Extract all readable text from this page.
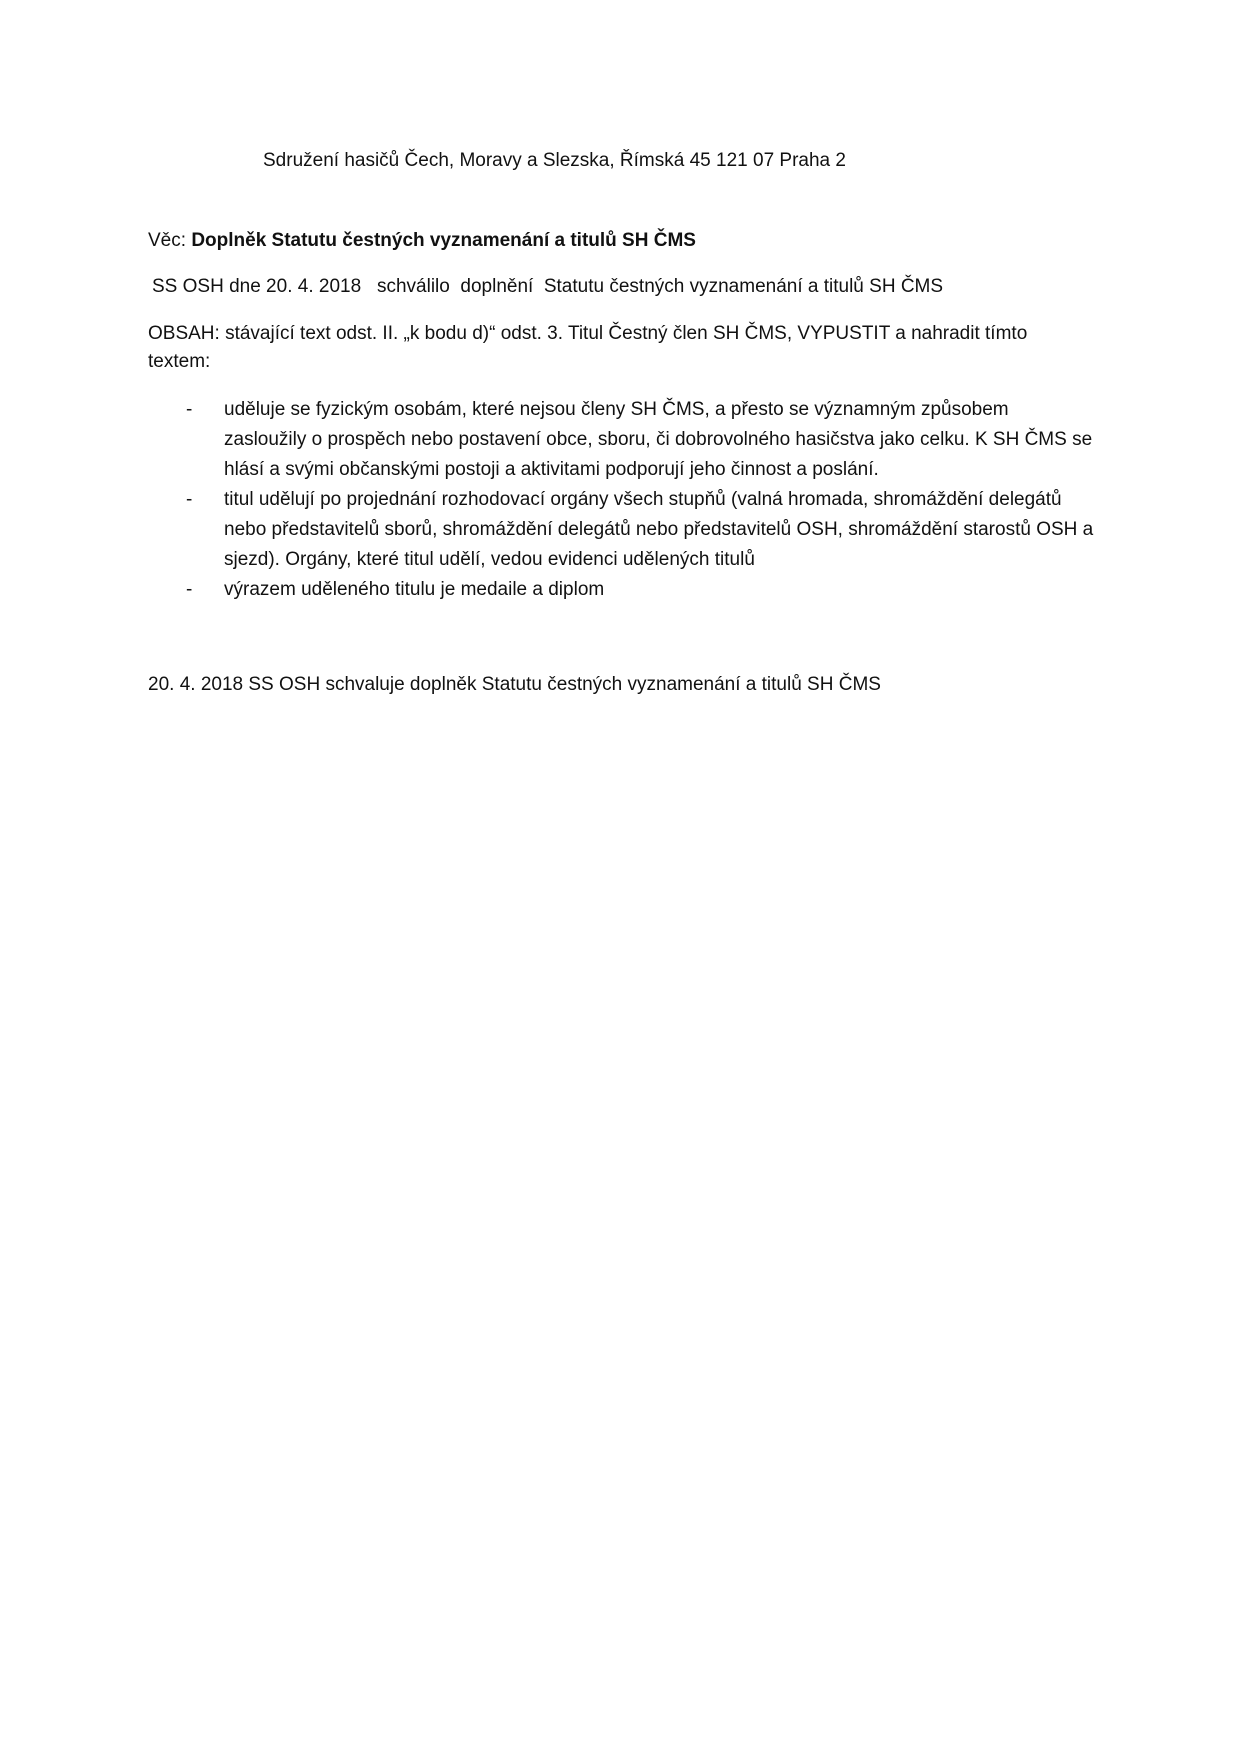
Sdružení hasičů Čech, Moravy a Slezska, Římská 45 121 07 Praha 2
Věc: Doplněk Statutu čestných vyznamenání a titulů SH ČMS
SS OSH dne 20. 4. 2018   schválilo  doplnění  Statutu čestných vyznamenání a titulů SH ČMS
OBSAH: stávající text odst. II. „k bodu d)“ odst. 3. Titul Čestný člen SH ČMS, VYPUSTIT a nahradit tímto textem:
- uděluje se fyzickým osobám, které nejsou členy SH ČMS, a přesto se významným způsobem zasloužily o prospěch nebo postavení obce, sboru, či dobrovolného hasičstva jako celku. K SH ČMS se hlásí a svými občanskými postoji a aktivitami podporují jeho činnost a poslání.
- titul udělují po projednání rozhodovací orgány všech stupňů (valná hromada, shromáždění delegátů nebo představitelů sborů, shromáždění delegátů nebo představitelů OSH, shromáždění starostů OSH a sjezd). Orgány, které titul udělí, vedou evidenci udělených titulů
- výrazem uděleného titulu je medaile a diplom
20. 4. 2018 SS OSH schvaluje doplněk Statutu čestných vyznamenání a titulů SH ČMS
